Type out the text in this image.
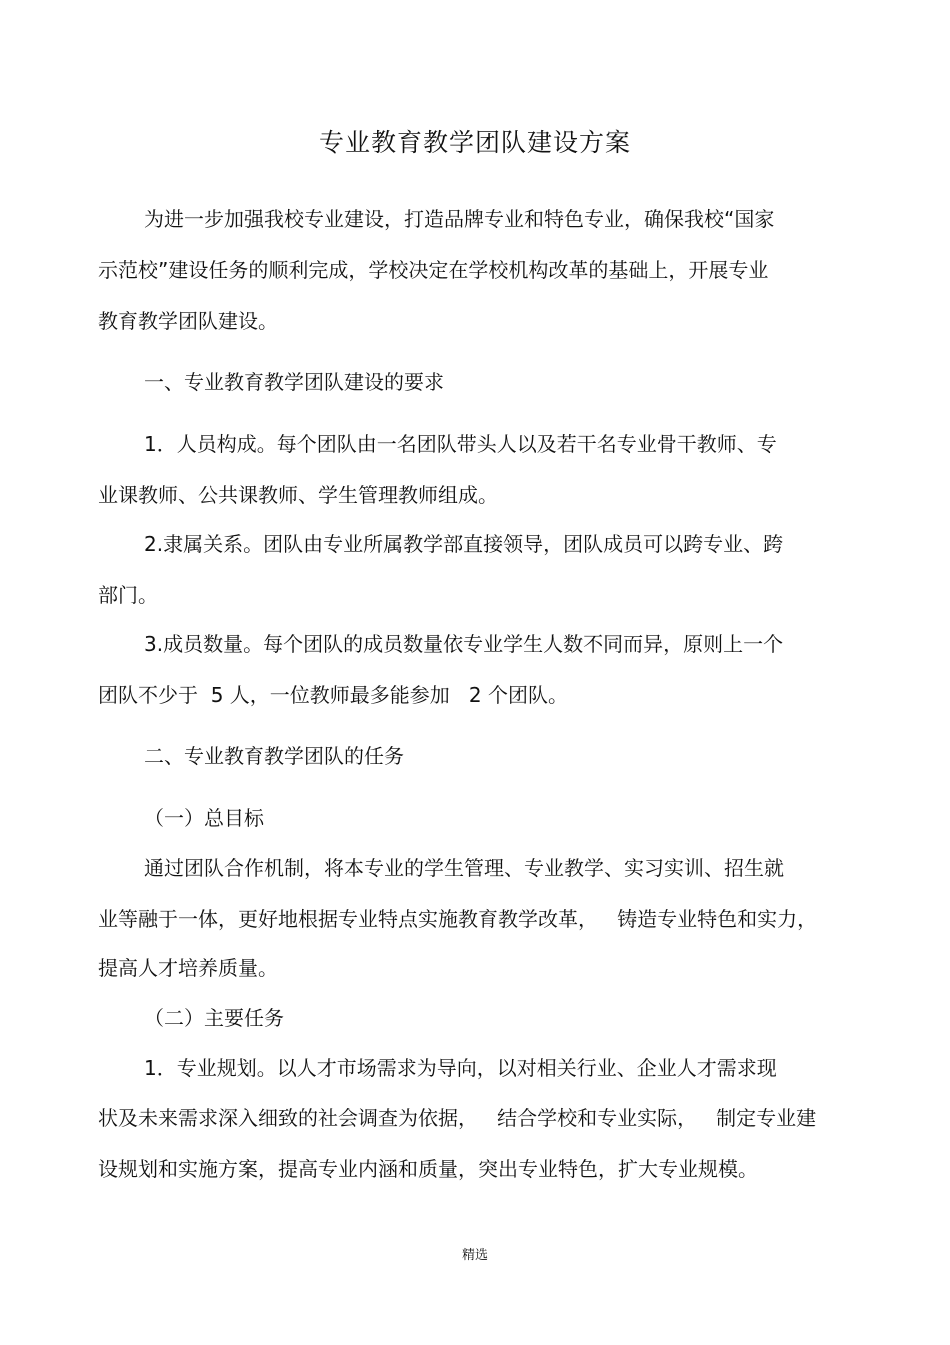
专业教育教学团队建设方案

为进一步加强我校专业建设，打造品牌专业和特色专业，确保我校“国家

示范校”建设任务的顺利完成，学校决定在学校机构改革的基础上，开展专业

教育教学团队建设。

一、专业教育教学团队建设的要求

1．人员构成。每个团队由一名团队带头人以及若干名专业骨干教师、专

业课教师、公共课教师、学生管理教师组成。

2.隶属关系。团队由专业所属教学部直接领导，团队成员可以跨专业、跨

部门。

3.成员数量。每个团队的成员数量依专业学生人数不同而异，原则上一个

团队不少于  5 人，一位教师最多能参加   2 个团队。

二、专业教育教学团队的任务

（一）总目标

通过团队合作机制，将本专业的学生管理、专业教学、实习实训、招生就

业等融于一体，更好地根据专业特点实施教育教学改革，   铸造专业特色和实力，

提高人才培养质量。

（二）主要任务

1．专业规划。以人才市场需求为导向，以对相关行业、企业人才需求现

状及未来需求深入细致的社会调查为依据，   结合学校和专业实际，   制定专业建

设规划和实施方案，提高专业内涵和质量，突出专业特色，扩大专业规模。

精选
